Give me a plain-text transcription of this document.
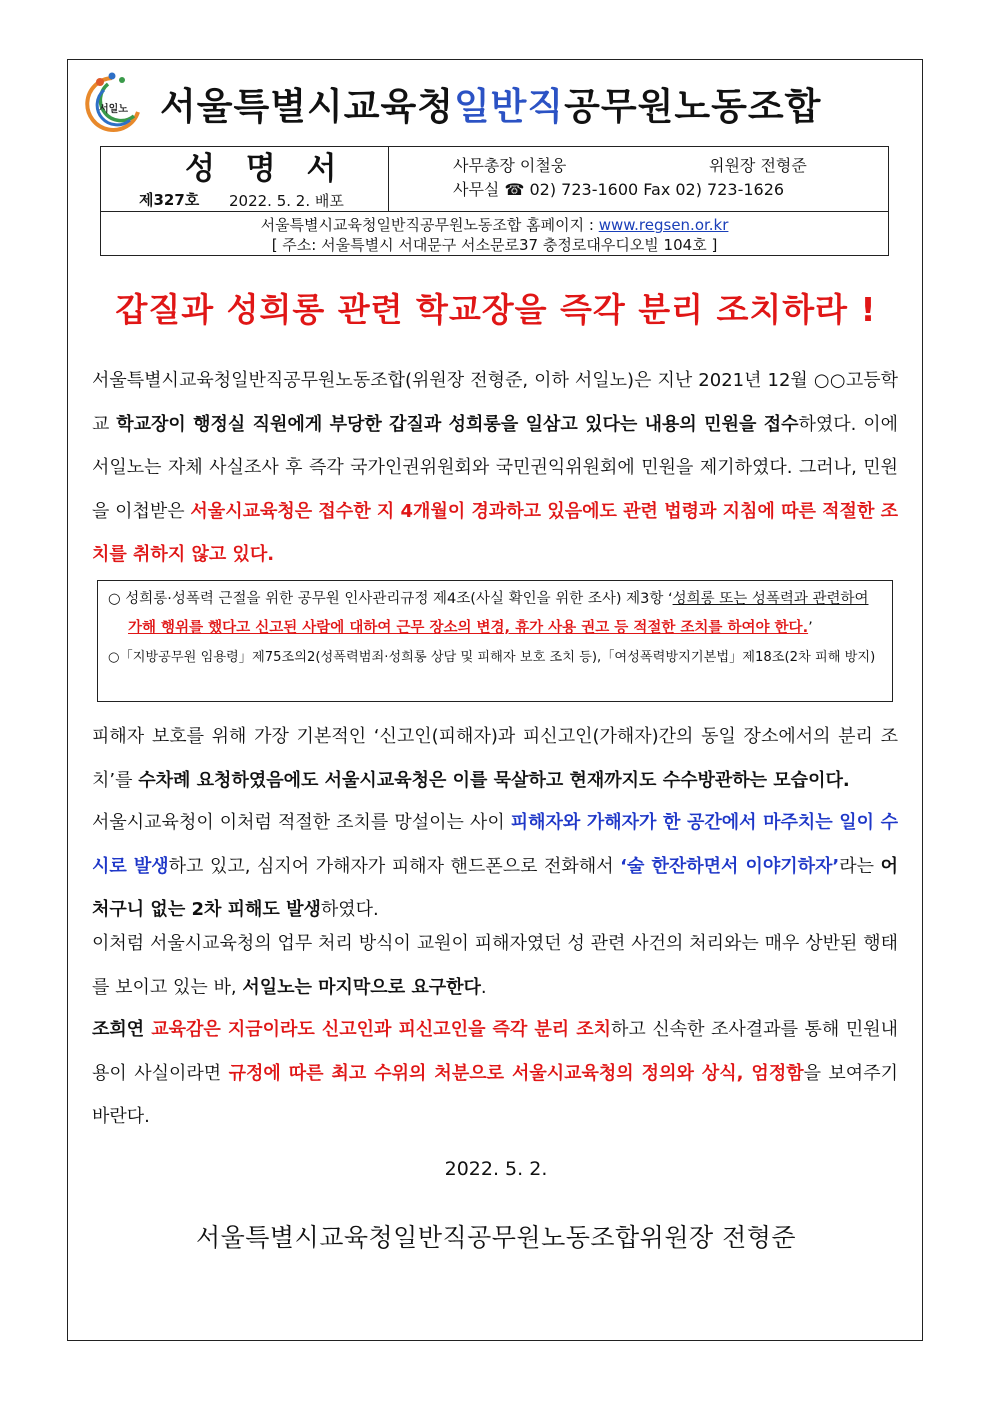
서일노 서울특별시교육청일반직공무원노동조합
성 명 서
제327호 2022. 5. 2. 배포
사무총장 이철웅	위원장 전형준
사무실 ☎ 02) 723-1600 Fax 02) 723-1626
서울특별시교육청일반직공무원노동조합 홈페이지 : www.regsen.or.kr
[ 주소: 서울특별시 서대문구 서소문로37 충정로대우디오빌 104호 ]
갑질과 성희롱 관련 학교장을 즉각 분리 조치하라 !
서울특별시교육청일반직공무원노동조합(위원장 전형준, 이하 서일노)은 지난 2021년 12월 ○○고등학교 학교장이 행정실 직원에게 부당한 갑질과 성희롱을 일삼고 있다는 내용의 민원을 접수하였다. 이에 서일노는 자체 사실조사 후 즉각 국가인권위원회와 국민권익위원회에 민원을 제기하였다. 그러나, 민원을 이첩받은 서울시교육청은 접수한 지 4개월이 경과하고 있음에도 관련 법령과 지침에 따른 적절한 조치를 취하지 않고 있다.
○ 성희롱·성폭력 근절을 위한 공무원 인사관리규정 제4조(사실 확인을 위한 조사) 제3항 ‘성희롱 또는 성폭력과 관련하여 가해 행위를 했다고 신고된 사람에 대하여 근무 장소의 변경, 휴가 사용 권고 등 적절한 조치를 하여야 한다.’
○「지방공무원 임용령」제75조의2(성폭력범죄·성희롱 상담 및 피해자 보호 조치 등),「여성폭력방지기본법」제18조(2차 피해 방지)
피해자 보호를 위해 가장 기본적인 ‘신고인(피해자)과 피신고인(가해자)간의 동일 장소에서의 분리 조치’를 수차례 요청하였음에도 서울시교육청은 이를 묵살하고 현재까지도 수수방관하는 모습이다.
서울시교육청이 이처럼 적절한 조치를 망설이는 사이 피해자와 가해자가 한 공간에서 마주치는 일이 수시로 발생하고 있고, 심지어 가해자가 피해자 핸드폰으로 전화해서 ‘술 한잔하면서 이야기하자’라는 어처구니 없는 2차 피해도 발생하였다.
이처럼 서울시교육청의 업무 처리 방식이 교원이 피해자였던 성 관련 사건의 처리와는 매우 상반된 행태를 보이고 있는 바, 서일노는 마지막으로 요구한다.
조희연 교육감은 지금이라도 신고인과 피신고인을 즉각 분리 조치하고 신속한 조사결과를 통해 민원내용이 사실이라면 규정에 따른 최고 수위의 처분으로 서울시교육청의 정의와 상식, 엄정함을 보여주기 바란다.
2022. 5. 2.
서울특별시교육청일반직공무원노동조합위원장 전형준
